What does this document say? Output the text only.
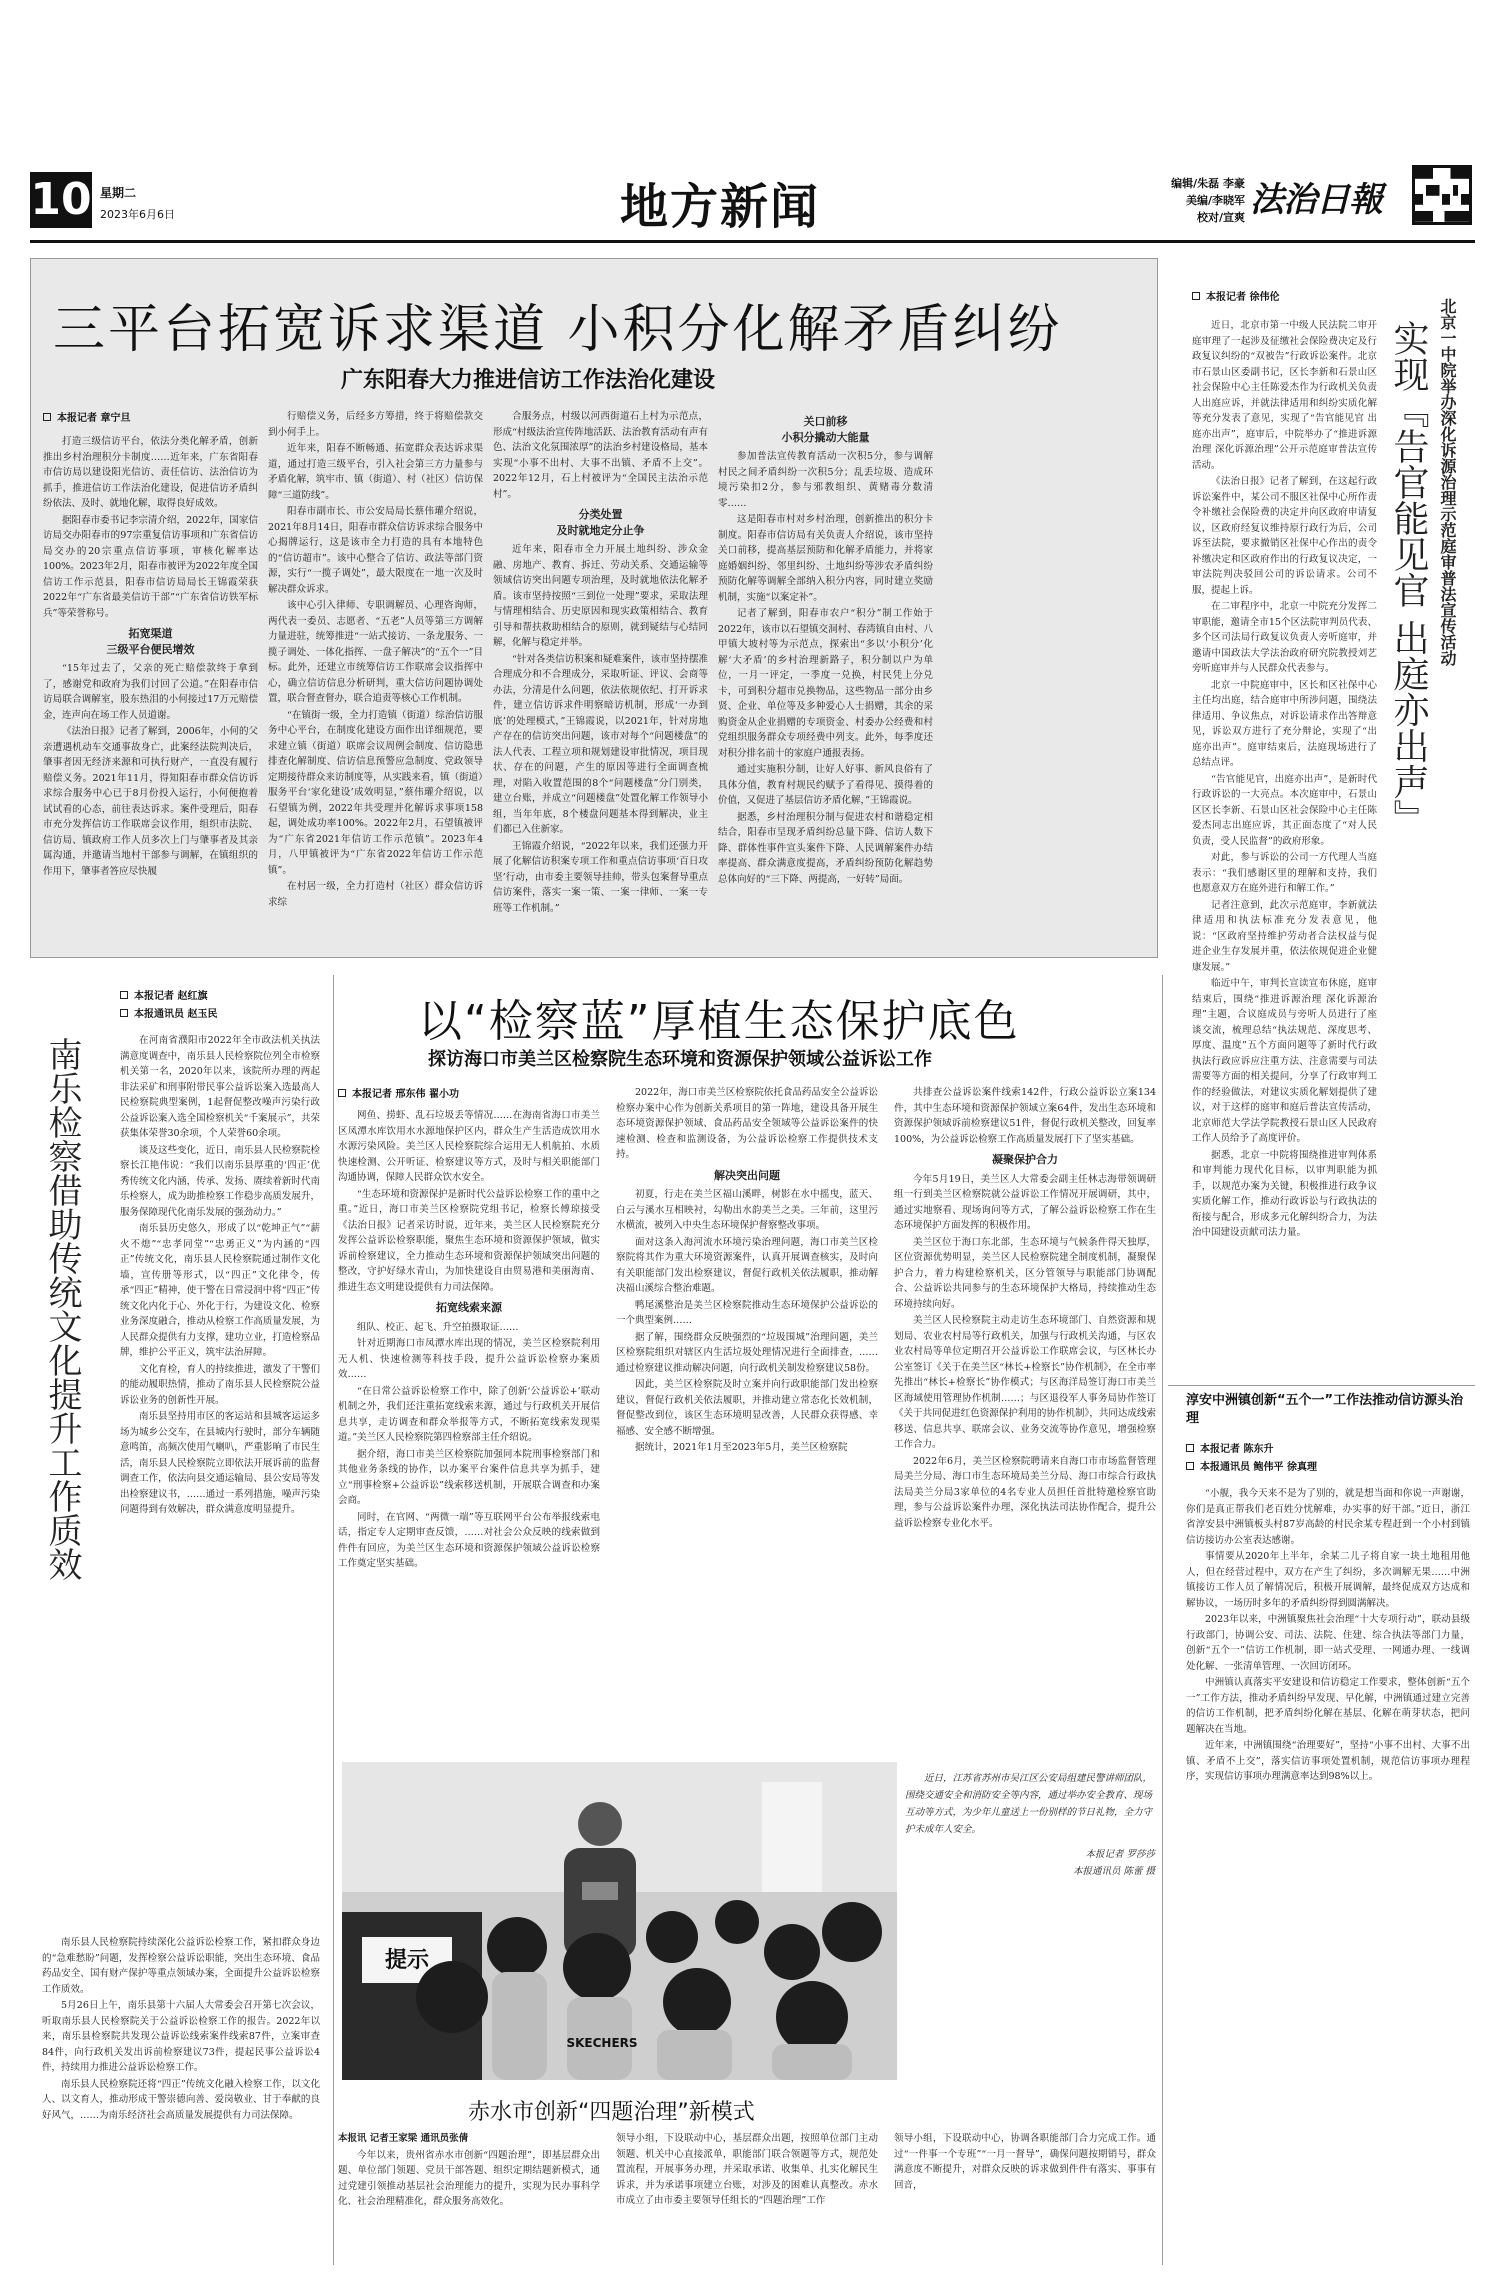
10 星期二
2023年6月6日	地方新闻	编辑/朱磊 李豪
美编/李晓军
校对/宣爽 法治日報
三平台拓宽诉求渠道 小积分化解矛盾纠纷
广东阳春大力推进信访工作法治化建设
本报记者 章宁旦

打造三级信访平台，依法分类化解矛盾，创新推出乡村治理积分卡制度……近年来，广东省阳春市信访局以建设阳光信访、责任信访、法治信访为抓手，推进信访工作法治化建设，促进信访矛盾纠纷依法、及时、就地化解，取得良好成效。

据阳春市委书记李宗清介绍，2022年，国家信访局交办阳春市的97宗重复信访事项和广东省信访局交办的20宗重点信访事项，审核化解率达100%。2023年2月，阳春市被评为2022年度全国信访工作示范县，阳春市信访局局长王锦霞荣获2022年“广东省最美信访干部”“广东省信访铁军标兵”等荣誉称号。

拓宽渠道
三级平台便民增效

“15年过去了，父亲的死亡赔偿款终于拿到了，感谢党和政府为我们讨回了公道。”在阳春市信访局联合调解室，股东热泪的小何接过17万元赔偿金，连声向在场工作人员道谢。

《法治日报》记者了解到，2006年，小何的父亲遭遇机动车交通事故身亡，此案经法院判决后，肇事者因无经济来源和可执行财产，一直没有履行赔偿义务。2021年11月，得知阳春市群众信访诉求综合服务中心已于8月份投入运行，小何便抱着试试看的心态，前往表达诉求。案件受理后，阳春市充分发挥信访工作联席会议作用，组织市法院、信访局、镇政府工作人员多次上门与肇事者及其亲属沟通，并邀请当地村干部参与调解，在镇组织的作用下，肇事者答应尽快履

行赔偿义务，后经多方筹措，终于将赔偿款交到小何手上。

近年来，阳春不断畅通、拓宽群众表达诉求渠道，通过打造三级平台，引入社会第三方力量参与矛盾化解，筑牢市、镇（街道）、村（社区）信访保障“三道防线”。

阳春市副市长、市公安局局长蔡伟瓘介绍说，2021年8月14日，阳春市群众信访诉求综合服务中心揭牌运行，这是该市全力打造的具有本地特色的“信访超市”。该中心整合了信访、政法等部门资源，实行“一揽子调处”，最大限度在一地一次及时解决群众诉求。

该中心引入律师、专职调解员、心理咨询师，两代表一委员、志愿者、“五老”人员等第三方调解力量进驻，统筹推进“一站式接访、一条龙服务、一揽子调处、一体化指挥、一盘子解决”的“五个一”目标。此外，还建立市统筹信访工作联席会议指挥中心，确立信访信息分析研判，重大信访问题协调处置，联合督查督办，联合追责等核心工作机制。

“在镇街一级，全力打造镇（街道）综治信访服务中心平台，在制度化建设方面作出详细规范，要求建立镇（街道）联席会议周例会制度、信访隐患排查化解制度、信访信息预警应急制度、党政领导定期接待群众来访制度等，从实践来看，镇（街道）服务平台‘家化建设’成效明显，”蔡伟瓘介绍说，以石望镇为例，2022年共受理并化解诉求事项158起，调处成功率100%。2022年2月，石望镇被评为“广东省2021年信访工作示范镇”。2023年4月，八甲镇被评为“广东省2022年信访工作示范镇”。

在村居一级，全力打造村（社区）群众信访诉求综

合服务点，村级以河西街道石上村为示范点，形成“村级法治宣传阵地活跃、法治教育活动有声有色、法治文化氛围浓厚”的法治乡村建设格局，基本实现“小事不出村、大事不出镇、矛盾不上交”。2022年12月，石上村被评为“全国民主法治示范村”。

分类处置
及时就地定分止争

近年来，阳春市全力开展土地纠纷、涉众金融、房地产、教育、拆迁、劳动关系、交通运输等领域信访突出问题专项治理，及时就地依法化解矛盾。该市坚持按照“三到位一处理”要求，采取法理与情理相结合、历史原因和现实政策相结合、教育引导和帮扶救助相结合的原则，就到疑结与心结同解，化解与稳定并举。

“针对各类信访积案和疑难案件，该市坚持摆准合理成分和不合理成分，采取听证、评议、会商等办法，分清是什么问题，依法依规依纪、打开诉求件，建立信访诉求件明察暗访机制，形成‘一办到底’的处理模式，”王锦霞说，以2021年，针对房地产存在的信访突出问题，该市对每个“问题楼盘”的法人代表、工程立项和规划建设审批情况，项目现状、存在的问题，产生的原因等进行全面调查梳理，对陷入收置范围的8个“问题楼盘”分门别类，建立台账，并成立“问题楼盘”处置化解工作领导小组，当年年底，8个楼盘问题基本得到解决，业主们都已入住新家。

王锦霞介绍说，“2022年以来，我们还强力开展了化解信访积案专项工作和重点信访事项‘百日攻坚’行动，由市委主要领导挂帅，带头包案督导重点信访案件，落实一案一策、一案一律师、一案一专班等工作机制。”

关口前移
小积分撬动大能量

参加普法宣传教育活动一次积5分，参与调解村民之间矛盾纠纷一次积5分；乱丢垃圾、造成环境污染扣2分，参与邪教组织、黄赌毒分数清零……

这是阳春市村对乡村治理，创新推出的积分卡制度。阳春市信访局有关负责人介绍说，该市坚持关口前移，提高基层预防和化解矛盾能力，并将家庭婚姻纠纷、邻里纠纷、土地纠纷等涉农矛盾纠纷预防化解等调解全部纳入积分内容，同时建立奖励机制，实施“以案定补”。

记者了解到，阳春市农户“积分”制工作始于2022年，该市以石望镇交洞村、春湾镇自由村、八甲镇大坡村等为示范点，探索出“多以‘小积分’化解‘大矛盾’的乡村治理新路子，积分制以户为单位，一月一评定，一季度一兑换，村民凭上分兑卡，可到积分超市兑换物品，这些物品一部分由乡贤、企业、单位等及多种爱心人士捐赠，其余的采购资金从企业捐赠的专项资金、村委办公经费和村党组织服务群众专项经费中列支。此外，每季度还对积分排名前十的家庭户通报表扬。

通过实施积分制，让好人好事、新风良俗有了具体分值，教育村规民约赋予了看得见、摸得着的价值，又促进了基层信访矛盾化解，”王锦霞说。

据悉，乡村治理积分制与促进农村和谐稳定相结合，阳春市呈现矛盾纠纷总量下降、信访人数下降、群体性事件宣头案件下降、人民调解案件办结率提高、群众满意度提高，矛盾纠纷预防化解趋势总体向好的“三下降、两提高，一好转”局面。

本报记者 徐伟伦
北京一中院举办深化诉源治理示范庭审普法宣传活动
实现『告官能见官 出庭亦出声』

近日，北京市第一中级人民法院二审开庭审理了一起涉及征缴社会保险费决定及行政复议纠纷的“双被告”行政诉讼案件。北京市石景山区委副书记，区长李新和石景山区社会保险中心主任陈爱杰作为行政机关负责人出庭应诉，并就法律适用和纠纷实质化解等充分发表了意见，实现了“告官能见官 出庭亦出声”，庭审后，中院举办了“推进诉源治理 深化诉源治理”公开示范庭审普法宣传活动。

《法治日报》记者了解到，在这起行政诉讼案件中，某公司不服区社保中心所作责令补缴社会保险费的决定并向区政府申请复议，区政府经复议维持原行政行为后，公司诉至法院，要求撤销区社保中心作出的责令补缴决定和区政府作出的行政复议决定，一审法院判决驳回公司的诉讼请求。公司不服，提起上诉。

在二审程序中，北京一中院充分发挥二审职能，邀请全市15个区法院审判员代表、多个区司法局行政复议负责人旁听庭审，并邀请中国政法大学法治政府研究院教授刘艺旁听庭审并与人民群众代表参与。

北京一中院庭审中，区长和区社保中心主任均出庭，结合庭审中所涉问题，围绕法律适用、争议焦点，对诉讼请求作出答辩意见，诉讼双方进行了充分辩论，实现了“出庭亦出声”。庭审结束后，法庭现场进行了总结点评。

“告官能见官，出庭亦出声”，是新时代行政诉讼的一大亮点。本次庭审中，石景山区区长李新、石景山区社会保险中心主任陈爱杰同志出庭应诉，其正面态度了“对人民负责，受人民监督”的政府形象。

对此，参与诉讼的公司一方代理人当庭表示：“我们感谢区里的理解和支持，我们也愿意双方在庭外进行和解工作。”

记者注意到，此次示范庭审，李新就法律适用和执法标准充分发表意见，他说：“区政府坚持维护劳动者合法权益与促进企业生存发展并重，依法依规促进企业健康发展。”

临近中午，审判长宣读宣布休庭，庭审结束后，围绕“推进诉源治理 深化诉源治理”主题，合议庭成员与旁听人员进行了座谈交流，梳理总结“执法规范、深度思考、厚度、温度”五个方面问题等了新时代行政执法行政应诉应注重方法、注意需要与司法需要等方面的相关提问，分享了行政审判工作的经验做法，对建议实质化解划提供了建议，对于这样的庭审和庭后普法宣传活动，北京师范大学法学院教授石景山区人民政府工作人员给予了高度评价。

据悉，北京一中院将围绕推进审判体系和审判能力现代化目标，以审判职能为抓手，以规范办案为关键，积极推进行政争议实质化解工作，推动行政诉讼与行政执法的衔接与配合，形成多元化解纠纷合力，为法治中国建设贡献司法力量。

本报记者 赵红旗
本报通讯员 赵玉民
南乐检察借助传统文化提升工作质效	在河南省濮阳市2022年全市政法机关执法满意度调查中，南乐县人民检察院位列全市检察机关第一名，2020年以来，该院所办理的两起非法采矿和刑事附带民事公益诉讼案入选最高人民检察院典型案例，1起督促整改噪声污染行政公益诉讼案入选全国检察机关“千案展示”，共荣获集体荣誉30余项，个人荣誉60余项。

谈及这些变化，近日，南乐县人民检察院检察长江艳伟说：“我们以南乐县厚重的‘四正’优秀传统文化内涵，传承、发扬、赓续着新时代南乐检察人，成为助推检察工作稳步高质发展升，服务保障现代化南乐发展的强劲动力。”

南乐县历史悠久，形成了以“乾坤正气”“薪火不熄”“忠孝同堂”“忠勇正义”为内涵的“四正”传统文化，南乐县人民检察院通过制作文化墙，宣传册等形式，以“四正”文化律令，传承“四正”精神，使干警在日常浸润中将“四正”传统文化内化于心、外化于行，为建设文化、检察业务深度融合，推动从检察工作高质量发展，为人民群众提供有力支撑，建功立业，打造检察品牌，维护公平正义，筑牢法治屏障。

文化育检，育人的持续推进，激发了干警们的能动履职热情，推动了南乐县人民检察院公益诉讼业务的创新性开展。

南乐县坚持用市区的客运站和县城客运运多场为城乡公交车，在县城内行驶时，部分车辆随意鸣笛，高频次使用气喇叭，严重影响了市民生活，南乐县人民检察院立即依法开展诉前的监督调查工作，依法向县交通运输局、县公安局等发出检察建议书，……通过一系列措施，噪声污染问题得到有效解决，群众满意度明显提升。

南乐县人民检察院持续深化公益诉讼检察工作，紧扣群众身边的“急难愁盼”问题，发挥检察公益诉讼职能，突出生态环境、食品药品安全、国有财产保护等重点领域办案，全面提升公益诉讼检察工作质效。

5月26日上午，南乐县第十六届人大常委会召开第七次会议，听取南乐县人民检察院关于公益诉讼检察工作的报告。2022年以来，南乐县检察院共发现公益诉讼线索案件线索87件，立案审查84件，向行政机关发出诉前检察建议73件，提起民事公益诉讼4件，持续用力推进公益诉讼检察工作。

南乐县人民检察院还将“四正”传统文化融入检察工作，以文化人、以文育人，推动形成干警崇德向善、爱岗敬业、甘于奉献的良好风气，……为南乐经济社会高质量发展提供有力司法保障。

以“检察蓝”厚植生态保护底色
探访海口市美兰区检察院生态环境和资源保护领域公益诉讼工作
本报记者 邢东伟 翟小功

网鱼、捞虾、乱石垃圾丢等情况……在海南省海口市美兰区凤潭水库饮用水水源地保护区内，群众生产生活造成饮用水水源污染风险。美兰区人民检察院综合运用无人机航拍、水质快速检测、公开听证、检察建议等方式，及时与相关职能部门沟通协调，保障人民群众饮水安全。

“生态环境和资源保护是新时代公益诉讼检察工作的重中之重。”近日，海口市美兰区检察院党组书记，检察长傅琼接受《法治日报》记者采访时说，近年来，美兰区人民检察院充分发挥公益诉讼检察职能，聚焦生态环境和资源保护领域，做实诉前检察建议，全力推动生态环境和资源保护领域突出问题的整改，守护好绿水青山，为加快建设自由贸易港和美丽海南、推进生态文明建设提供有力司法保障。

拓宽线索来源

组队、校正、起飞、升空拍摄取证……

针对近期海口市凤潭水库出现的情况，美兰区检察院利用无人机、快速检测等科技手段，提升公益诉讼检察办案质效……

“在日常公益诉讼检察工作中，除了创新‘公益诉讼+’联动机制之外，我们还注重拓宽线索来源，通过与行政机关开展信息共享，走访调查和群众举报等方式，不断拓宽线索发现渠道。”美兰区人民检察院第四检察部主任介绍说。

据介绍，海口市美兰区检察院加强同本院刑事检察部门和其他业务条线的协作，以办案平台案件信息共享为抓手，建立“刑事检察+公益诉讼”线索移送机制，开展联合调查和办案会商。

同时，在官网、“两微一端”等互联网平台公布举报线索电话，指定专人定期审查反馈，……对社会公众反映的线索做到件件有回应，为美兰区生态环境和资源保护领域公益诉讼检察工作奠定坚实基础。

2022年，海口市美兰区检察院依托食品药品安全公益诉讼检察办案中心作为创新关系项目的第一阵地，建设具备开展生态环境资源保护领域、食品药品安全领域等公益诉讼案件的快速检测、检查和监测设备，为公益诉讼检察工作提供技术支持。

解决突出问题

初夏，行走在美兰区福山溪畔，树影在水中摇曳，蓝天、白云与溪水互相映衬，勾勒出水韵美兰之美。三年前，这里污水横流，被列入中央生态环境保护督察整改事项。

面对这条入海河流水环境污染治理问题，海口市美兰区检察院将其作为重大环境资源案件，认真开展调查核实，及时向有关职能部门发出检察建议，督促行政机关依法履职，推动解决福山溪综合整治难题。

鸭尾溪整治是美兰区检察院推动生态环境保护公益诉讼的一个典型案例……

据了解，围绕群众反映强烈的“垃圾围城”治理问题，美兰区检察院组织对辖区内生活垃圾处理情况进行全面排查，……通过检察建议推动解决问题，向行政机关制发检察建议58份。

因此，美兰区检察院及时立案并向行政职能部门发出检察建议，督促行政机关依法履职，并推动建立常态化长效机制，督促整改到位，该区生态环境明显改善，人民群众获得感、幸福感、安全感不断增强。

据统计，2021年1月至2023年5月，美兰区检察院

共排查公益诉讼案件线索142件，行政公益诉讼立案134件，其中生态环境和资源保护领域立案64件，发出生态环境和资源保护领域诉前检察建议51件，督促行政机关整改，回复率100%，为公益诉讼检察工作高质量发展打下了坚实基础。

凝聚保护合力

今年5月19日，美兰区人大常委会副主任林志海带领调研组一行到美兰区检察院就公益诉讼工作情况开展调研，其中，通过实地察看、现场询问等方式，了解公益诉讼检察工作在生态环境保护方面发挥的积极作用。

美兰区位于海口东北部，生态环境与气候条件得天独厚，区位资源优势明显，美兰区人民检察院建全制度机制，凝聚保护合力，着力构建检察机关，区分管领导与职能部门协调配合、公益诉讼共同参与的生态环境保护大格局，持续推动生态环境持续向好。

美兰区人民检察院主动走访生态环境部门、自然资源和规划局、农业农村局等行政机关，加强与行政机关沟通，与区农业农村局等单位定期召开公益诉讼工作联席会议，与区林长办公室签订《关于在美兰区“林长+检察长”协作机制》，在全市率先推出“林长+检察长”协作模式；与区海洋局签订海口市美兰区海域使用管理协作机制……；与区退役军人事务局协作签订《关于共同促进红色资源保护利用的协作机制》，共同达成线索移送、信息共享、联席会议、业务交流等协作意见，增强检察工作合力。

2022年6月，美兰区检察院聘请来自海口市市场监督管理局美兰分局、海口市生态环境局美兰分局、海口市综合行政执法局美兰分局3家单位的4名专业人员担任首批特邀检察官助理，参与公益诉讼案件办理，深化执法司法协作配合，提升公益诉讼检察专业化水平。

提示
SKECHERS
近日，江苏省苏州市吴江区公安局组建民警讲师团队，围绕交通安全和消防安全等内容，通过举办安全教育、现场互动等方式，为少年儿童送上一份别样的节日礼物，全力守护未成年人安全。
本报记者 罗莎莎
本报通讯员 陈蕾 摄
赤水市创新“四题治理”新模式

本报讯 记者王家梁 通讯员张倩

今年以来，贵州省赤水市创新“四题治理”，即基层群众出题、单位部门领题、党员干部答题、组织定期结题新模式，通过党建引领推动基层社会治理能力的提升，实现为民办事科学化、社会治理精准化，群众服务高效化。

领导小组，下设联动中心，基层群众出题，按照单位部门主动领题、机关中心直接派单，职能部门联合领题等方式，规范处置流程，开展事务办理，并采取承诺、收集单、扎实化解民生诉求，并为承诺事项建立台账，对涉及的困难认真整改。赤水市成立了由市委主要领导任组长的“四题治理”工作

领导小组，下设联动中心，协调各职能部门合力完成工作。通过“一件事一个专班”“一月一督导”，确保问题按期销号，群众满意度不断提升，对群众反映的诉求做到件件有落实、事事有回音，

淳安中洲镇创新“五个一”工作法推动信访源头治理
本报记者 陈东升
本报通讯员 鲍伟平 徐真理

“小舰，我今天来不是为了别的，就是想当面和你说一声谢谢，你们是真正帮我们老百姓分忧解难，办实事的好干部。”近日，浙江省淳安县中洲镇板头村87岁高龄的村民余某专程赶到一个小村到镇信访接访办公室表达感谢。

事情要从2020年上半年，余某二儿子将自家一块土地租用他人，但在经营过程中，双方在产生了纠纷，多次调解无果……中洲镇接访工作人员了解情况后，积极开展调解，最终促成双方达成和解协议，一场历时多年的矛盾纠纷得到圆满解决。

2023年以来，中洲镇聚焦社会治理“十大专项行动”，联动县级行政部门，协调公安、司法、法院、住建、综合执法等部门力量，创新“五个一”信访工作机制，即一站式受理、一网通办理、一线调处化解、一张清单管理、一次回访闭环。

中洲镇认真落实平安建设和信访稳定工作要求，整体创新“五个一”工作方法，推动矛盾纠纷早发现、早化解，中洲镇通过建立完善的信访工作机制，把矛盾纠纷化解在基层、化解在萌芽状态，把问题解决在当地。

近年来，中洲镇围绕“治理要好”，坚持“小事不出村、大事不出镇、矛盾不上交”，落实信访事项处置机制，规范信访事项办理程序，实现信访事项办理满意率达到98%以上。
